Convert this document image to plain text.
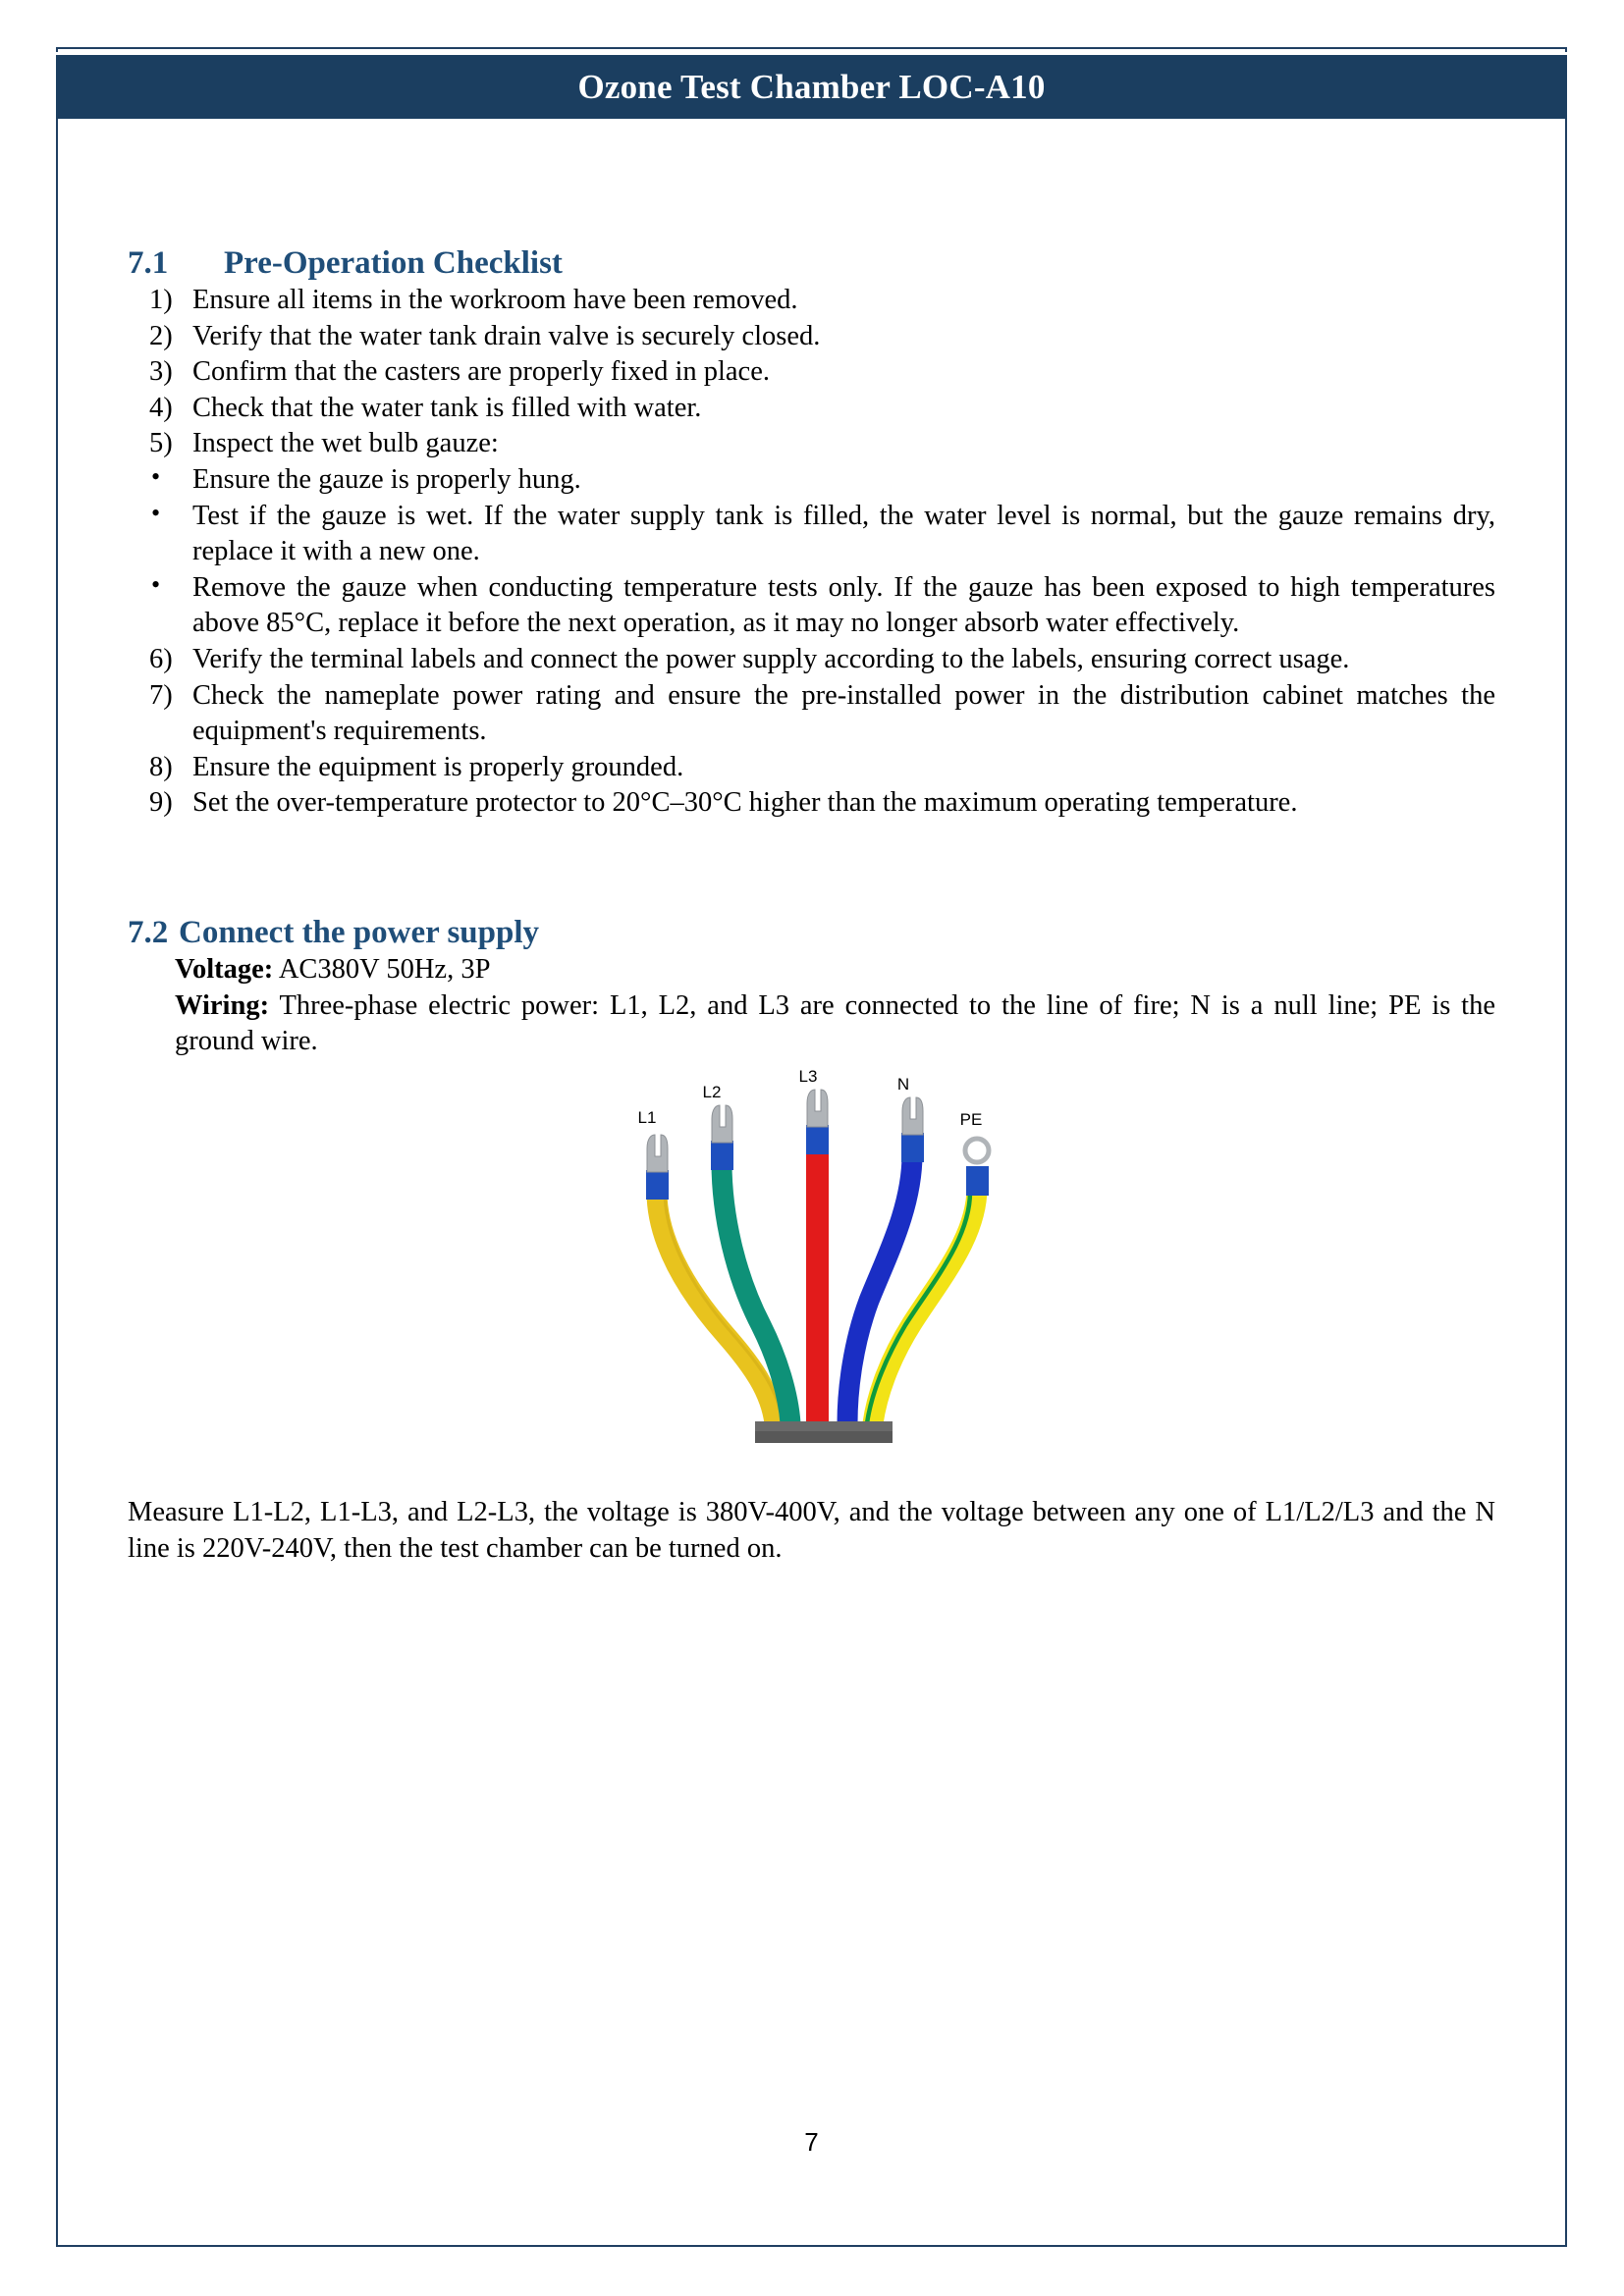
Ozone Test Chamber LOC-A10
7.1 Pre-Operation Checklist
1) Ensure all items in the workroom have been removed.
2) Verify that the water tank drain valve is securely closed.
3) Confirm that the casters are properly fixed in place.
4) Check that the water tank is filled with water.
5) Inspect the wet bulb gauze:
• Ensure the gauze is properly hung.
• Test if the gauze is wet. If the water supply tank is filled, the water level is normal, but the gauze remains dry, replace it with a new one.
• Remove the gauze when conducting temperature tests only. If the gauze has been exposed to high temperatures above 85°C, replace it before the next operation, as it may no longer absorb water effectively.
6) Verify the terminal labels and connect the power supply according to the labels, ensuring correct usage.
7) Check the nameplate power rating and ensure the pre-installed power in the distribution cabinet matches the equipment's requirements.
8) Ensure the equipment is properly grounded.
9) Set the over-temperature protector to 20°C–30°C higher than the maximum operating temperature.
7.2 Connect the power supply
Voltage: AC380V 50Hz, 3P
Wiring: Three-phase electric power: L1, L2, and L3 are connected to the line of fire; N is a null line; PE is the ground wire.
L1
L2
L3	N
PE
Measure L1-L2, L1-L3, and L2-L3, the voltage is 380V-400V, and the voltage between any one of L1/L2/L3 and the N line is 220V-240V, then the test chamber can be turned on.
7
